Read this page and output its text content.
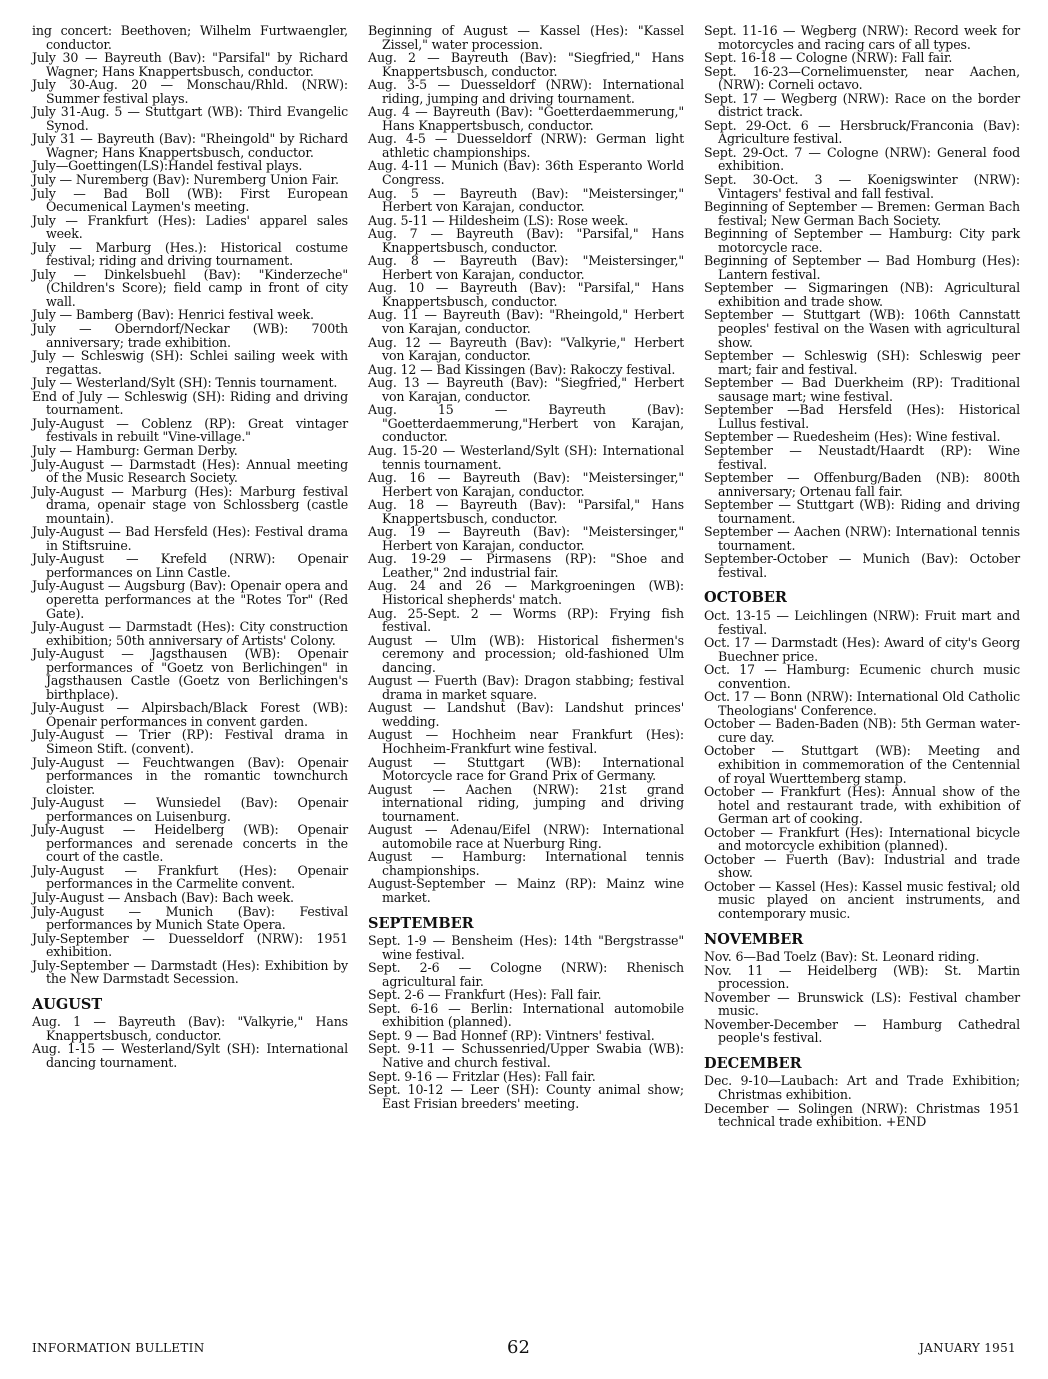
ing concert: Beethoven; Wilhelm Furtwaengler, conductor.

July 30 — Bayreuth (Bav): "Parsifal" by Richard Wagner; Hans Knappertsbusch, conductor.

July 30-Aug. 20 — Monschau/Rhld. (NRW): Summer festival plays.

July 31-Aug. 5 — Stuttgart (WB): Third Evangelic Synod.

July 31 — Bayreuth (Bav): "Rheingold" by Richard Wagner; Hans Knappertsbusch, conductor.

July—Goettingen(LS):Handel festival plays.

July — Nuremberg (Bav): Nuremberg Union Fair.

July — Bad Boll (WB): First European Oecumenical Laymen's meeting.

July — Frankfurt (Hes): Ladies' apparel sales week.

July — Marburg (Hes.): Historical costume festival; riding and driving tournament.

July — Dinkelsbuehl (Bav): "Kinderzeche" (Children's Score); field camp in front of city wall.

July — Bamberg (Bav): Henrici festival week.

July — Oberndorf/Neckar (WB): 700th anniversary; trade exhibition.

July — Schleswig (SH): Schlei sailing week with regattas.

July — Westerland/Sylt (SH): Tennis tournament.

End of July — Schleswig (SH): Riding and driving tournament.

July-August — Coblenz (RP): Great vintager festivals in rebuilt "Vine-village."

July — Hamburg: German Derby.

July-August — Darmstadt (Hes): Annual meeting of the Music Research Society.

July-August — Marburg (Hes): Marburg festival drama, openair stage von Schlossberg (castle mountain).

July-August — Bad Hersfeld (Hes): Festival drama in Stiftsruine.

July-August — Krefeld (NRW): Openair performances on Linn Castle.

July-August — Augsburg (Bav): Openair opera and operetta performances at the "Rotes Tor" (Red Gate).

July-August — Darmstadt (Hes): City construction exhibition; 50th anniversary of Artists' Colony.

July-August — Jagsthausen (WB): Openair performances of "Goetz von Berlichingen" in Jagsthausen Castle (Goetz von Berlichingen's birthplace).

July-August — Alpirsbach/Black Forest (WB): Openair performances in convent garden.

July-August — Trier (RP): Festival drama in Simeon Stift. (convent).

July-August — Feuchtwangen (Bav): Openair performances in the romantic townchurch cloister.

July-August — Wunsiedel (Bav): Openair performances on Luisenburg.

July-August — Heidelberg (WB): Openair performances and serenade concerts in the court of the castle.

July-August — Frankfurt (Hes): Openair performances in the Carmelite convent.

July-August — Ansbach (Bav): Bach week.

July-August — Munich (Bav): Festival performances by Munich State Opera.

July-September — Duesseldorf (NRW): 1951 exhibition.

July-September — Darmstadt (Hes): Exhibition by the New Darmstadt Secession.

AUGUST

Aug. 1 — Bayreuth (Bav): "Valkyrie," Hans Knappertsbusch, conductor.

Aug. 1-15 — Westerland/Sylt (SH): International dancing tournament.

Beginning of August — Kassel (Hes): "Kassel Zissel," water procession.

Aug. 2 — Bayreuth (Bav): "Siegfried," Hans Knappertsbusch, conductor.

Aug. 3-5 — Duesseldorf (NRW): International riding, jumping and driving tournament.

Aug. 4 — Bayreuth (Bav): "Goetterdaemmerung," Hans Knappertsbusch, conductor.

Aug. 4-5 — Duesseldorf (NRW): German light athletic championships.

Aug. 4-11 — Munich (Bav): 36th Esperanto World Congress.

Aug. 5 — Bayreuth (Bav): "Meistersinger," Herbert von Karajan, conductor.

Aug. 5-11 — Hildesheim (LS): Rose week.

Aug. 7 — Bayreuth (Bav): "Parsifal," Hans Knappertsbusch, conductor.

Aug. 8 — Bayreuth (Bav): "Meistersinger," Herbert von Karajan, conductor.

Aug. 10 — Bayreuth (Bav): "Parsifal," Hans Knappertsbusch, conductor.

Aug. 11 — Bayreuth (Bav): "Rheingold," Herbert von Karajan, conductor.

Aug. 12 — Bayreuth (Bav): "Valkyrie," Herbert von Karajan, conductor.

Aug. 12 — Bad Kissingen (Bav): Rakoczy festival.

Aug. 13 — Bayreuth (Bav): "Siegfried," Herbert von Karajan, conductor.

Aug. 15 — Bayreuth (Bav): "Goetterdaemmerung,"Herbert von Karajan, conductor.

Aug. 15-20 — Westerland/Sylt (SH): International tennis tournament.

Aug. 16 — Bayreuth (Bav): "Meistersinger," Herbert von Karajan, conductor.

Aug. 18 — Bayreuth (Bav): "Parsifal," Hans Knappertsbusch, conductor.

Aug. 19 — Bayreuth (Bav): "Meistersinger," Herbert von Karajan, conductor.

Aug. 19-29 — Pirmasens (RP): "Shoe and Leather," 2nd industrial fair.

Aug. 24 and 26 — Markgroeningen (WB): Historical shepherds' match.

Aug. 25-Sept. 2 — Worms (RP): Frying fish festival.

August — Ulm (WB): Historical fishermen's ceremony and procession; old-fashioned Ulm dancing.

August — Fuerth (Bav): Dragon stabbing; festival drama in market square.

August — Landshut (Bav): Landshut princes' wedding.

August — Hochheim near Frankfurt (Hes): Hochheim-Frankfurt wine festival.

August — Stuttgart (WB): International Motorcycle race for Grand Prix of Germany.

August — Aachen (NRW): 21st grand international riding, jumping and driving tournament.

August — Adenau/Eifel (NRW): International automobile race at Nuerburg Ring.

August — Hamburg: International tennis championships.

August-September — Mainz (RP): Mainz wine market.

SEPTEMBER

Sept. 1-9 — Bensheim (Hes): 14th "Bergstrasse" wine festival.

Sept. 2-6 — Cologne (NRW): Rhenisch agricultural fair.

Sept. 2-6 — Frankfurt (Hes): Fall fair.

Sept. 6-16 — Berlin: International automobile exhibition (planned).

Sept. 9 — Bad Honnef (RP): Vintners' festival.

Sept. 9-11 — Schussenried/Upper Swabia (WB): Native and church festival.

Sept. 9-16 — Fritzlar (Hes): Fall fair.

Sept. 10-12 — Leer (SH): County animal show; East Frisian breeders' meeting.

Sept. 11-16 — Wegberg (NRW): Record week for motorcycles and racing cars of all types.

Sept. 16-18 — Cologne (NRW): Fall fair.

Sept. 16-23—Cornelimuenster, near Aachen, (NRW): Corneli octavo.

Sept. 17 — Wegberg (NRW): Race on the border district track.

Sept. 29-Oct. 6 — Hersbruck/Franconia (Bav): Agriculture festival.

Sept. 29-Oct. 7 — Cologne (NRW): General food exhibition.

Sept. 30-Oct. 3 — Koenigswinter (NRW): Vintagers' festival and fall festival.

Beginning of September — Bremen: German Bach festival; New German Bach Society.

Beginning of September — Hamburg: City park motorcycle race.

Beginning of September — Bad Homburg (Hes): Lantern festival.

September — Sigmaringen (NB): Agricultural exhibition and trade show.

September — Stuttgart (WB): 106th Cannstatt peoples' festival on the Wasen with agricultural show.

September — Schleswig (SH): Schleswig peer mart; fair and festival.

September — Bad Duerkheim (RP): Traditional sausage mart; wine festival.

September —Bad Hersfeld (Hes): Historical Lullus festival.

September — Ruedesheim (Hes): Wine festival.

September — Neustadt/Haardt (RP): Wine festival.

September — Offenburg/Baden (NB): 800th anniversary; Ortenau fall fair.

September — Stuttgart (WB): Riding and driving tournament.

September — Aachen (NRW): International tennis tournament.

September-October — Munich (Bav): October festival.

OCTOBER

Oct. 13-15 — Leichlingen (NRW): Fruit mart and festival.

Oct. 17 — Darmstadt (Hes): Award of city's Georg Buechner price.

Oct. 17 — Hamburg: Ecumenic church music convention.

Oct. 17 — Bonn (NRW): International Old Catholic Theologians' Conference.

October — Baden-Baden (NB): 5th German water-cure day.

October — Stuttgart (WB): Meeting and exhibition in commemoration of the Centennial of royal Wuerttemberg stamp.

October — Frankfurt (Hes): Annual show of the hotel and restaurant trade, with exhibition of German art of cooking.

October — Frankfurt (Hes): International bicycle and motorcycle exhibition (planned).

October — Fuerth (Bav): Industrial and trade show.

October — Kassel (Hes): Kassel music festival; old music played on ancient instruments, and contemporary music.

NOVEMBER

Nov. 6—Bad Toelz (Bav): St. Leonard riding.

Nov. 11 — Heidelberg (WB): St. Martin procession.

November — Brunswick (LS): Festival chamber music.

November-December — Hamburg Cathedral people's festival.

DECEMBER

Dec. 9-10—Laubach: Art and Trade Exhibition; Christmas exhibition.

December — Solingen (NRW): Christmas 1951 technical trade exhibition. +END

INFORMATION BULLETIN	62	JANUARY 1951
